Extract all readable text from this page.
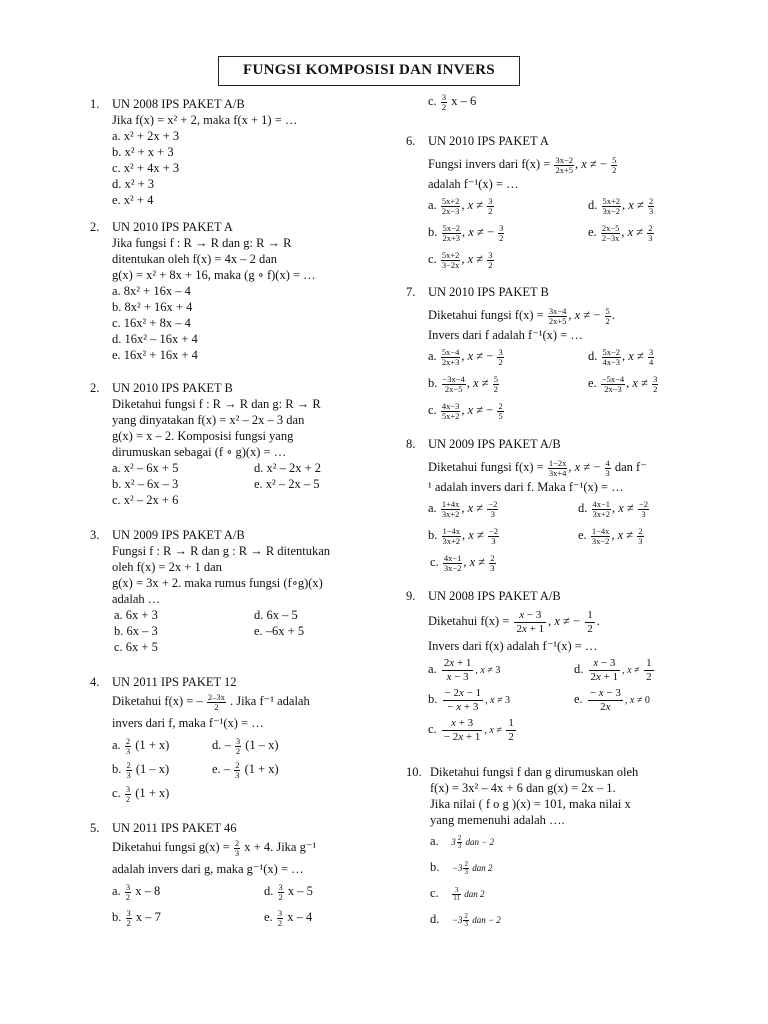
FUNGSI KOMPOSISI DAN INVERS
1. UN 2008 IPS PAKET A/B
Jika f(x) = x² + 2, maka f(x + 1) = …
a. x² + 2x + 3
b. x² + x + 3
c. x² + 4x + 3
d. x² + 3
e. x² + 4
2. UN 2010 IPS PAKET A
Jika fungsi f : R → R dan g: R → R
ditentukan oleh f(x) = 4x – 2 dan
g(x) = x² + 8x + 16, maka (g ∘ f)(x) = …
a. 8x² + 16x – 4
b. 8x² + 16x + 4
c. 16x² + 8x – 4
d. 16x² – 16x + 4
e. 16x² + 16x + 4
2. UN 2010 IPS PAKET B
Diketahui fungsi f : R → R dan g: R → R
yang dinyatakan f(x) = x² – 2x – 3 dan
g(x) = x – 2. Komposisi fungsi yang
dirumuskan sebagai (f ∘ g)(x) = …
a. x² – 6x + 5	d. x² – 2x + 2
b. x² – 6x – 3	e. x² – 2x – 5
c. x² – 2x + 6
3. UN 2009 IPS PAKET A/B
Fungsi f : R → R dan g : R → R ditentukan
oleh f(x) = 2x + 1 dan
g(x) = 3x + 2. maka rumus fungsi (f∘g)(x)
adalah …
a. 6x + 3	d. 6x – 5
b. 6x – 3	e. –6x + 5
c. 6x + 5
4. UN 2011 IPS PAKET 12
Diketahui f(x) = – $\frac{2-3x}{2}$ . Jika f⁻¹ adalah
invers dari f, maka f⁻¹(x) = …
a. $\frac{2}{3} (1 + x)$	d. – $\frac{3}{2} (1 - x)$
b. $\frac{2}{3} (1 - x)$	e. – $\frac{2}{3} (1 + x)$
c. $\frac{3}{2} (1 + x)$
5. UN 2011 IPS PAKET 46
Diketahui fungsi $g(x) = \frac{2}{3}$ x + 4. Jika g⁻¹
adalah invers dari g, maka g⁻¹(x) = …
a. $\frac{3}{2}$ x – 8	d. $\frac{3}{2}$ x – 5
b. $\frac{3}{2}$ x – 7	e. $\frac{3}{2}$ x – 4
c. $\frac{3}{2}$ x – 6
6. UN 2010 IPS PAKET A
Fungsi invers dari $f(x) = \frac{3x-2}{2x+5}$ , x ≠ − $\frac{5}{2}$
adalah f⁻¹(x) = …
a. $\frac{5x+2}{2x-3}$ , $x \ne \frac{3}{2}$	d. $\frac{5x+2}{3x-2}$ , $x \ne \frac{2}{3}$
b. $\frac{5x-2}{2x+3}$ , x ≠ − $\frac{3}{2}$	e. $\frac{2x-5}{2-3x}$ , $x \ne \frac{2}{3}$
c. $\frac{5x+2}{3-2x}$ , $x \ne \frac{3}{2}$
7. UN 2010 IPS PAKET B
Diketahui fungsi $f(x) = \frac{3x-4}{2x+5}$ , x ≠ − $\frac{5}{2}$ .
Invers dari f adalah f⁻¹(x) = …
a. $\frac{5x-4}{2x+3}$ , x ≠ − $\frac{3}{2}$	d. $\frac{5x-2}{4x-3}$ , $x \ne \frac{3}{4}$
b. $\frac{-3x-4}{2x-5}$ , $x \ne \frac{5}{2}$	e. $\frac{-5x-4}{2x-3}$ , $x \ne \frac{3}{2}$
c. $\frac{4x-3}{5x+2}$ , x ≠ − $\frac{2}{5}$
8. UN 2009 IPS PAKET A/B
Diketahui fungsi $f(x) = \frac{1-2x}{3x+4}$ , x ≠ − $\frac{4}{3}$ dan f⁻
¹ adalah invers dari f. Maka f⁻¹(x) = …
a. $\frac{1+4x}{3x+2}$ , $x \ne \frac{-2}{3}$	d. $\frac{4x-1}{3x+2}$ , $x \ne \frac{-2}{3}$
b. $\frac{1-4x}{3x+2}$ , $x \ne \frac{-2}{3}$	e. $\frac{1-4x}{3x-2}$ , $x \ne \frac{2}{3}$
c. $\frac{4x-1}{3x-2}$ , $x \ne \frac{2}{3}$
9. UN 2008 IPS PAKET A/B
Diketahui $f(x) = \frac{x - 3}{2x + 1}$ , x ≠ − $\frac{1}{2}$ .
Invers dari f(x) adalah f⁻¹(x) = …
a. $\frac{2x + 1}{x - 3}$ , x ≠ 3	d. $\frac{x - 3}{2x + 1}$ , $x \ne \frac{1}{2}$
b. $\frac{- 2x - 1}{- x + 3}$ , x ≠ 3	e. $\frac{- x - 3}{2x}$ , x ≠ 0
c. $\frac{x + 3}{- 2x + 1}$ , $x \ne \frac{1}{2}$
10. Diketahui fungsi f dan g dirumuskan oleh
f(x) = 3x² – 4x + 6 dan g(x) = 2x – 1.
Jika nilai ( f o g )(x) = 101, maka nilai x
yang memenuhi adalah ….
a. $3 \frac{2}{3}$ dan − 2
b. $-3 \frac{2}{3}$ dan 2
c. $\frac{3}{11}$ dan 2
d. $-3 \frac{2}{3}$ dan − 2
